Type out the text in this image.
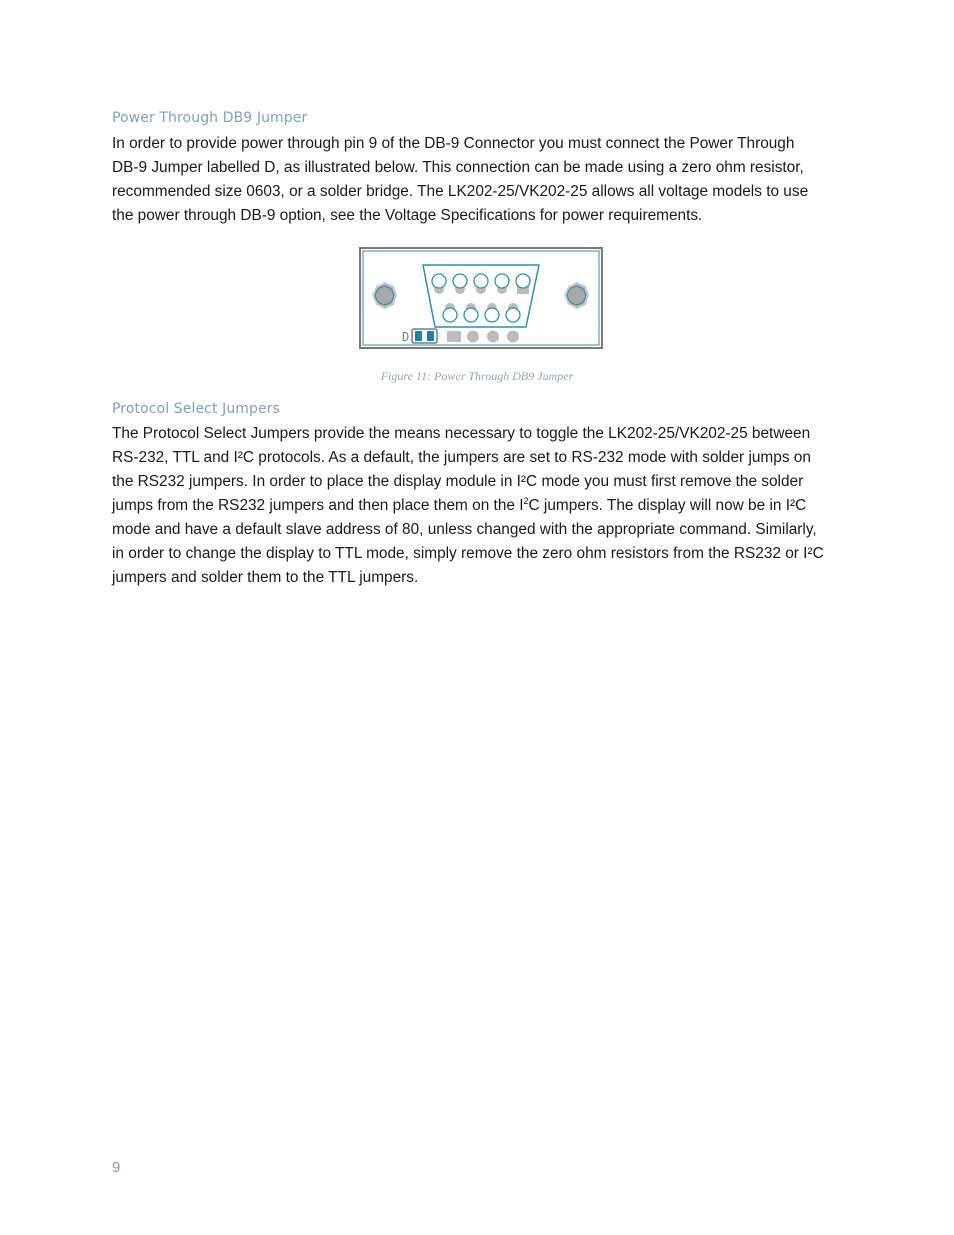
Power Through DB9 Jumper

In order to provide power through pin 9 of the DB-9 Connector you must connect the Power Through

DB-9 Jumper labelled D, as illustrated below. This connection can be made using a zero ohm resistor,

recommended size 0603, or a solder bridge. The LK202-25/VK202-25 allows all voltage models to use

the power through DB-9 option, see the Voltage Specifications for power requirements.

D
Figure 11: Power Through DB9 Jumper
Protocol Select Jumpers

The Protocol Select Jumpers provide the means necessary to toggle the LK202-25/VK202-25 between

RS-232, TTL and I²C protocols. As a default, the jumpers are set to RS-232 mode with solder jumps on

the RS232 jumpers. In order to place the display module in I²C mode you must first remove the solder

jumps from the RS232 jumpers and then place them on the $I^2C$ jumpers. The display will now be in I²C

mode and have a default slave address of 80, unless changed with the appropriate command. Similarly,

in order to change the display to TTL mode, simply remove the zero ohm resistors from the RS232 or I²C

jumpers and solder them to the TTL jumpers.

9
